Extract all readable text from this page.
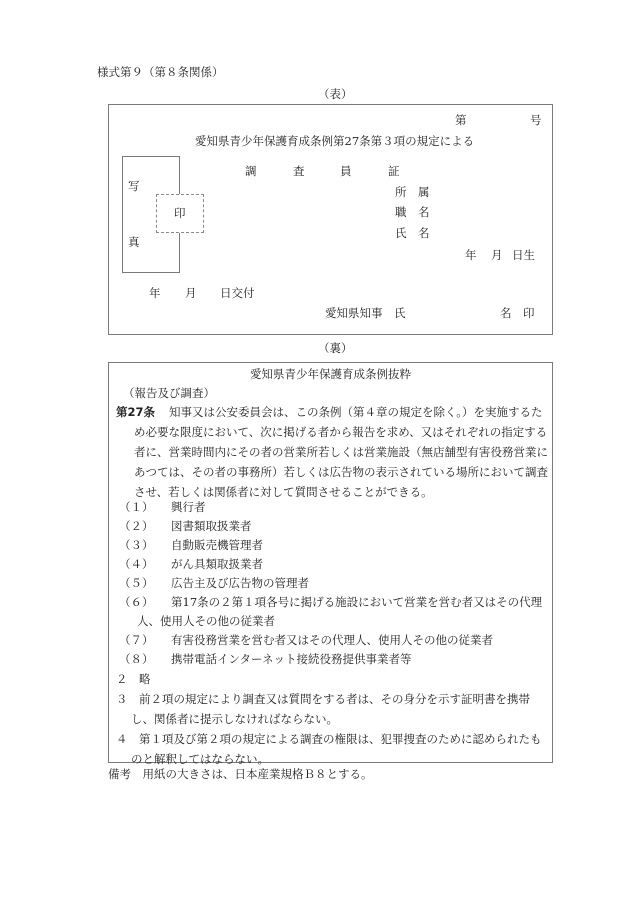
様式第９（第８条関係）
（表）
第	号
愛知県青少年保護育成条例第27条第３項の規定による
写
真
印
調	査	員	証
所　属
職　名
氏　名
年 月 日生
年 月 日交付
愛知県知事　氏	名　印
（裏）
愛知県青少年保護育成条例抜粋
（報告及び調査）
第27条 知事又は公安委員会は、この条例（第４章の規定を除く。）を実施するた
め必要な限度において、次に掲げる者から報告を求め、又はそれぞれの指定する
者に、営業時間内にその者の営業所若しくは営業施設（無店舗型有害役務営業に
あつては、その者の事務所）若しくは広告物の表示されている場所において調査
させ、若しくは関係者に対して質問させることができる。
（１） 興行者
（２） 図書類取扱業者
（３） 自動販売機管理者
（４） がん具類取扱業者
（５） 広告主及び広告物の管理者
（６） 第17条の２第１項各号に掲げる施設において営業を営む者又はその代理
人、使用人その他の従業者
（７） 有害役務営業を営む者又はその代理人、使用人その他の従業者
（８） 携帯電話インターネット接続役務提供事業者等
２ 略
３ 前２項の規定により調査又は質問をする者は、その身分を示す証明書を携帯
し、関係者に提示しなければならない。
４ 第１項及び第２項の規定による調査の権限は、犯罪捜査のために認められたも
のと解釈してはならない。
備考　用紙の大きさは、日本産業規格Ｂ８とする。
